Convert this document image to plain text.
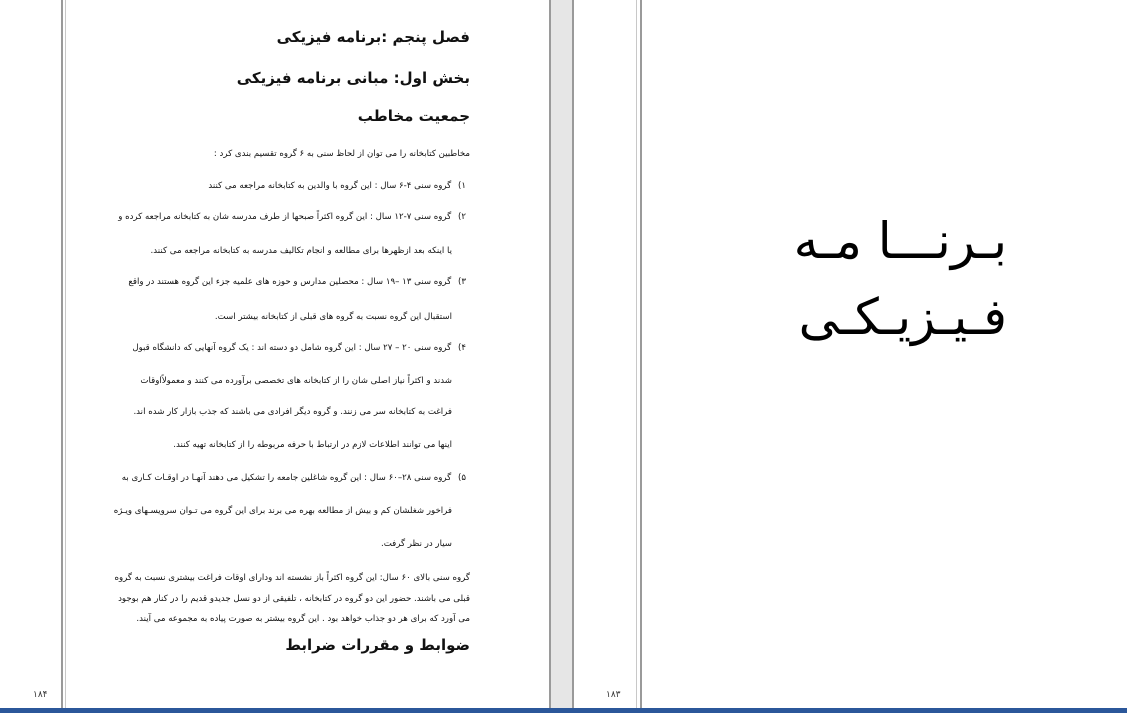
فصل پنجم :برنامه فیزیکی
بخش اول: مبانی برنامه فیزیکی
جمعیت مخاطب
مخاطبین کتابخانه را می توان از لحاظ سنی به ۶ گروه تقسیم بندی کرد :
۱) گروه سنی ۴-۶ سال : این گروه با والدین به کتابخانه مراجعه می کنند
۲) گروه سنی ۷-۱۲ سال : این گروه اکثراً صبحها از طرف مدرسه شان به کتابخانه مراجعه کرده و
یا اینکه بعد ازظهرها برای مطالعه و انجام تکالیف مدرسه به کتابخانه مراجعه می کنند.
۳) گروه سنی ۱۳ –۱۹ سال : محصلین مدارس و حوزه های علمیه جزء این گروه هستند در واقع
استقبال این گروه نسبت به گروه های قبلی از کتابخانه بیشتر است.
۴) گروه سنی ۲۰ – ۲۷ سال : این گروه شامل دو دسته اند : یک گروه آنهایی که دانشگاه قبول
شدند و اکثراً نیاز اصلی شان را از کتابخانه های تخصصی برآورده می کنند و معمولاًاوقات
فراغت به کتابخانه سر می زنند. و گروه دیگر افرادی می باشند که جذب بازار کار شده اند.
اینها می توانند اطلاعات لازم در ارتباط با حرفه مربوطه را از کتابخانه تهیه کنند.
۵) گروه سنی ۲۸–۶۰ سال : این گروه شاغلین جامعه را تشکیل می دهند آنهـا در اوقـات کـاری به
فراخور شغلشان کم و بیش از مطالعه بهره می برند برای این گروه می تـوان سرویسـهای ویـژه
سیار در نظر گرفت.
گروه سنی بالای ۶۰ سال: این گروه اکثراً باز نشسته اند ودارای اوقات فراغت بیشتری نسبت به گروه
قبلی می باشند. حضور این دو گروه در کتابخانه ، تلفیقی از دو نسل جدیدو قدیم را در کنار هم بوجود
می آورد که برای هر دو جذاب خواهد بود . این گروه بیشتر به صورت پیاده به مجموعه می آیند.
ضوابط و مقررات ضرابط
۱۸۴
بـرنـــا مـه
فـیـزیـکـی
۱۸۳
